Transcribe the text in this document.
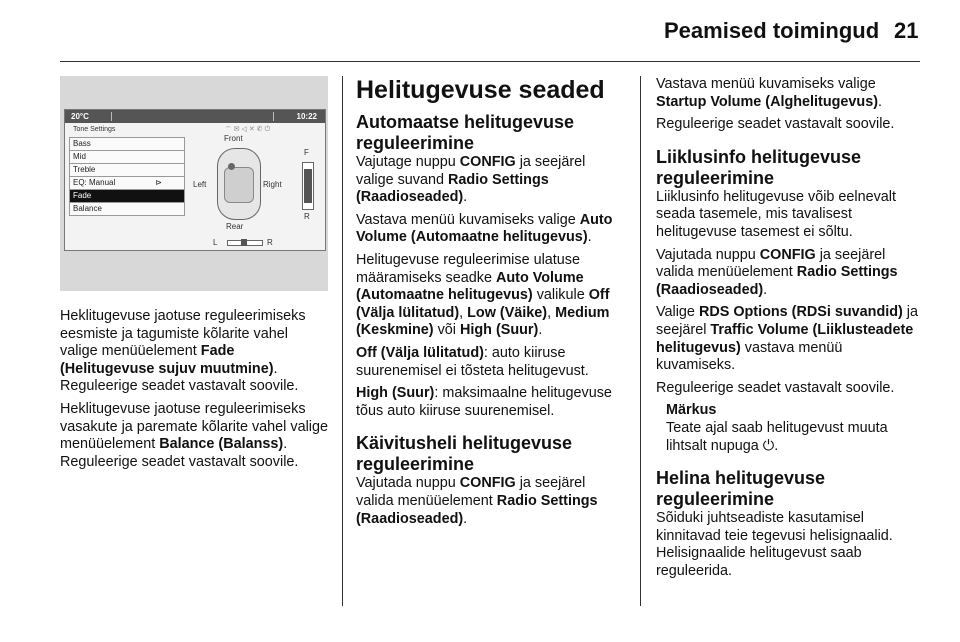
Peamised toimingud 21
20°C	10:22
Tone Settings	⌔✉◁✕✆⏻
Bass
Mid
Treble
EQ: Manual	⊳
Fade
Balance
Front
Left	Right
Rear
F
R
L	R

Heklitugevuse jaotuse reguleerimiseks eesmiste ja tagumiste kõlarite vahel valige menüüelement Fade (Helitugevuse sujuv muutmine). Reguleerige seadet vastavalt soovile.

Heklitugevuse jaotuse reguleerimiseks vasakute ja paremate kõlarite vahel valige menüüelement Balance (Balanss). Reguleerige seadet vastavalt soovile.

Helitugevuse seaded
Automaatse helitugevuse reguleerimine

Vajutage nuppu CONFIG ja seejärel valige suvand Radio Settings (Raadioseaded).

Vastava menüü kuvamiseks valige Auto Volume (Automaatne helitugevus).

Helitugevuse reguleerimise ulatuse määramiseks seadke Auto Volume (Automaatne helitugevus) valikule Off (Välja lülitatud), Low (Väike), Medium (Keskmine) või High (Suur).

Off (Välja lülitatud): auto kiiruse suurenemisel ei tõsteta helitugevust.

High (Suur): maksimaalne helitugevuse tõus auto kiiruse suurenemisel.

Käivitusheli helitugevuse reguleerimine

Vajutada nuppu CONFIG ja seejärel valida menüüelement Radio Settings (Raadioseaded).

Vastava menüü kuvamiseks valige Startup Volume (Alghelitugevus).

Reguleerige seadet vastavalt soovile.

Liiklusinfo helitugevuse reguleerimine

Liiklusinfo helitugevuse võib eelnevalt seada tasemele, mis tavalisest helitugevuse tasemest ei sõltu.

Vajutada nuppu CONFIG ja seejärel valida menüüelement Radio Settings (Raadioseaded).

Valige RDS Options (RDSi suvandid) ja seejärel Traffic Volume (Liiklusteadete helitugevus) vastava menüü kuvamiseks.

Reguleerige seadet vastavalt soovile.

Märkus

Teate ajal saab helitugevust muuta lihtsalt nupuga ⏻.

Helina helitugevuse reguleerimine

Sõiduki juhtseadiste kasutamisel kinnitavad teie tegevusi helisignaalid. Helisignaalide helitugevust saab reguleerida.
